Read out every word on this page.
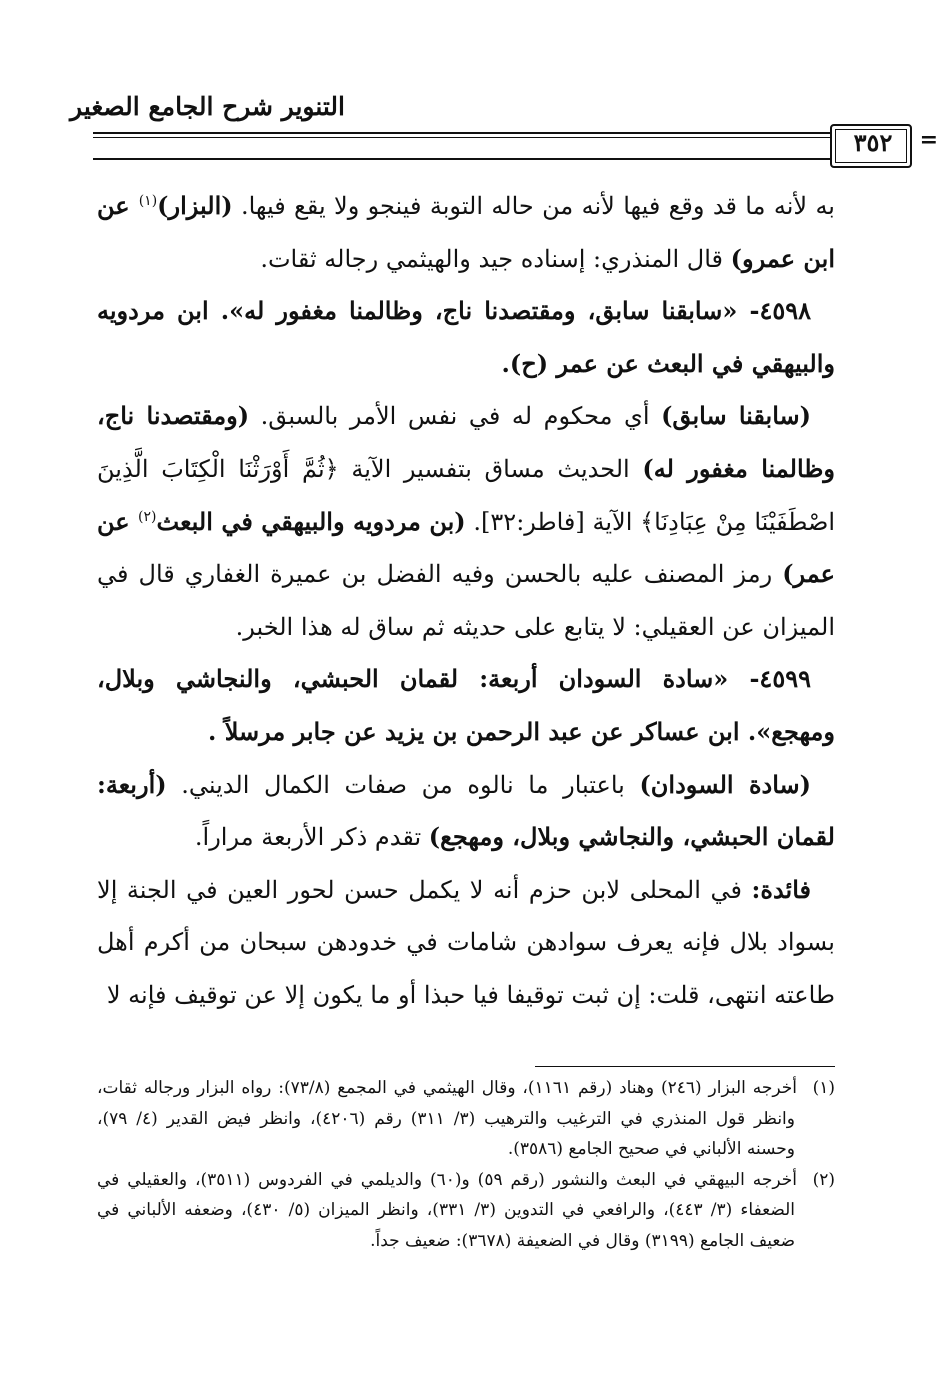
التنوير شرح الجامع الصغير
٣٥٢	=

به لأنه ما قد وقع فيها لأنه من حاله التوبة فينجو ولا يقع فيها. (البزار)$^{(١)}$ عن ابن عمرو) قال المنذري: إسناده جيد والهيثمي رجاله ثقات.

٤٥٩٨- «سابقنا سابق، ومقتصدنا ناج، وظالمنا مغفور له». ابن مردويه والبيهقي في البعث عن عمر (ح).

(سابقنا سابق) أي محكوم له في نفس الأمر بالسبق. (ومقتصدنا ناج، وظالمنا مغفور له) الحديث مساق بتفسير الآية ﴿ثُمَّ أَوْرَثْنَا الْكِتَابَ الَّذِينَ اصْطَفَيْنَا مِنْ عِبَادِنَا﴾ الآية [فاطر:٣٢]. (بن مردويه والبيهقي في البعث$^{(٢)}$ عن عمر) رمز المصنف عليه بالحسن وفيه الفضل بن عميرة الغفاري قال في الميزان عن العقيلي: لا يتابع على حديثه ثم ساق له هذا الخبر.

٤٥٩٩- «سادة السودان أربعة: لقمان الحبشي، والنجاشي وبلال، ومهجع». ابن عساكر عن عبد الرحمن بن يزيد عن جابر مرسلاً .

(سادة السودان) باعتبار ما نالوه من صفات الكمال الديني. (أربعة: لقمان الحبشي، والنجاشي وبلال، ومهجع) تقدم ذكر الأربعة مراراً.

فائدة: في المحلى لابن حزم أنه لا يكمل حسن لحور العين في الجنة إلا بسواد بلال فإنه يعرف سوادهن شامات في خدودهن سبحان من أكرم أهل طاعته انتهى، قلت: إن ثبت توقيفا فيا حبذا أو ما يكون إلا عن توقيف فإنه لا

(١)أخرجه البزار (٢٤٦) وهناد (رقم ١١٦١)، وقال الهيثمي في المجمع (٧٣/٨): رواه البزار ورجاله ثقات، وانظر قول المنذري في الترغيب والترهيب (٣/ ٣١١) رقم (٤٢٠٦)، وانظر فيض القدير (٤/ ٧٩)، وحسنه الألباني في صحيح الجامع (٣٥٨٦).

(٢)أخرجه البيهقي في البعث والنشور (رقم ٥٩) و(٦٠) والديلمي في الفردوس (٣٥١١)، والعقيلي في الضعفاء (٣/ ٤٤٣)، والرافعي في التدوين (٣/ ٣٣١)، وانظر الميزان (٥/ ٤٣٠)، وضعفه الألباني في ضعيف الجامع (٣١٩٩) وقال في الضعيفة (٣٦٧٨): ضعيف جداً.
